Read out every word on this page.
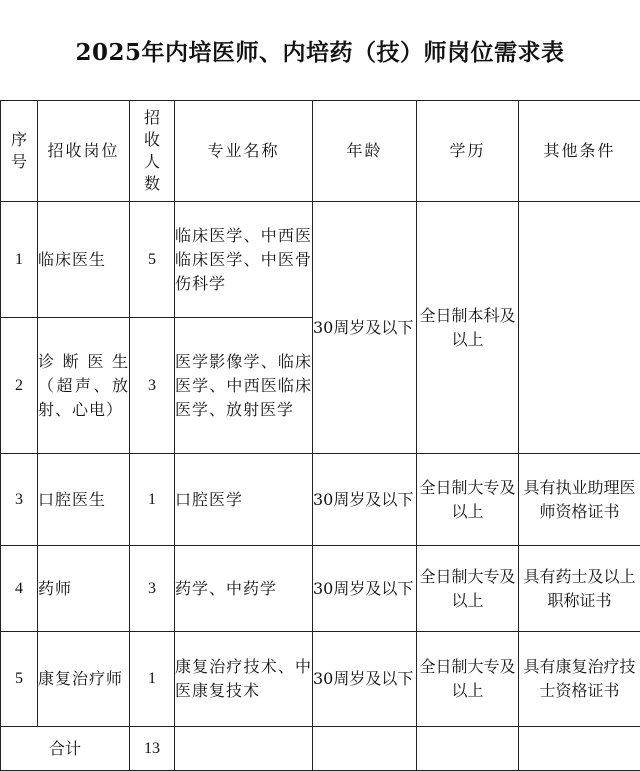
2025年内培医师、内培药（技）师岗位需求表
序号	招收岗位	招收人数	专业名称	年龄	学历	其他条件
1	临床医生	5	临床医学、中西医临床医学、中医骨伤科学	30周岁及以下	全日制本科及以上	
2	诊断医生（超声、放射、心电）	3	医学影像学、临床医学、中西医临床医学、放射医学			
3	口腔医生	1	口腔医学	30周岁及以下	全日制大专及以上	具有执业助理医师资格证书
4	药师	3	药学、中药学	30周岁及以下	全日制大专及以上	具有药士及以上职称证书
5	康复治疗师	1	康复治疗技术、中医康复技术	30周岁及以下	全日制大专及以上	具有康复治疗技士资格证书
合计		13				
